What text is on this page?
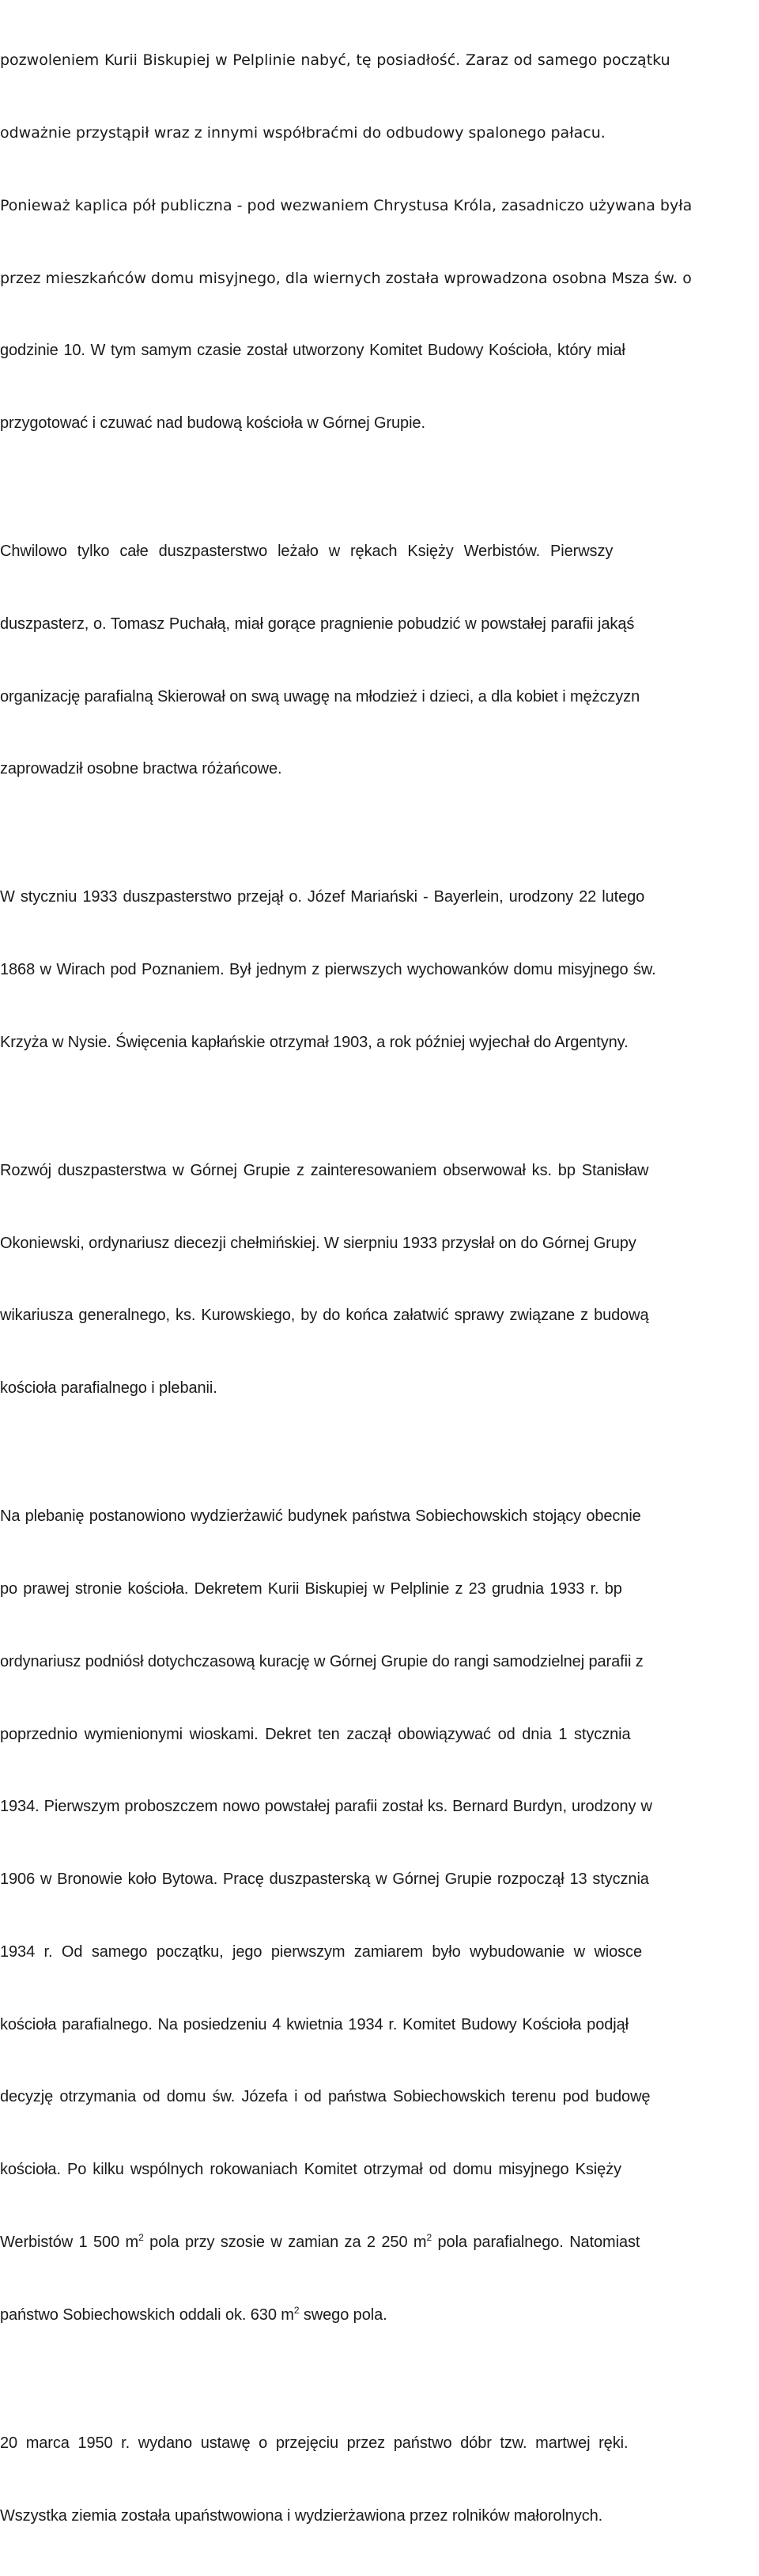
pozwoleniem Kurii Biskupiej w Pelplinie nabyć, tę posiadłość. Zaraz od samego początku

odważnie przystąpił wraz z innymi współbraćmi do odbudowy spalonego pałacu.

Ponieważ kaplica pół publiczna - pod wezwaniem Chrystusa Króla, zasadniczo używana była

przez mieszkańców domu misyjnego, dla wiernych została wprowadzona osobna Msza św. o

godzinie 10. W tym samym czasie został utworzony Komitet Budowy Kościoła, który miał

przygotować i czuwać nad budową kościoła w Górnej Grupie.

Chwilowo tylko całe duszpasterstwo leżało w rękach Księży Werbistów. Pierwszy

duszpasterz, o. Tomasz Puchałą, miał gorące pragnienie pobudzić w powstałej parafii jakąś

organizację parafialną Skierował on swą uwagę na młodzież i dzieci, a dla kobiet i mężczyzn

zaprowadził osobne bractwa różańcowe.

W styczniu 1933 duszpasterstwo przejął o. Józef Mariański - Bayerlein, urodzony 22 lutego

1868 w Wirach pod Poznaniem. Był jednym z pierwszych wychowanków domu misyjnego św.

Krzyża w Nysie. Święcenia kapłańskie otrzymał 1903, a rok później wyjechał do Argentyny.

Rozwój duszpasterstwa w Górnej Grupie z zainteresowaniem obserwował ks. bp Stanisław

Okoniewski, ordynariusz diecezji chełmińskiej. W sierpniu 1933 przysłał on do Górnej Grupy

wikariusza generalnego, ks. Kurowskiego, by do końca załatwić sprawy związane z budową

kościoła parafialnego i plebanii.

Na plebanię postanowiono wydzierżawić budynek państwa Sobiechowskich stojący obecnie

po prawej stronie kościoła. Dekretem Kurii Biskupiej w Pelplinie z 23 grudnia 1933 r. bp

ordynariusz podniósł dotychczasową kurację w Górnej Grupie do rangi samodzielnej parafii z

poprzednio wymienionymi wioskami. Dekret ten zaczął obowiązywać od dnia 1 stycznia

1934. Pierwszym proboszczem nowo powstałej parafii został ks. Bernard Burdyn, urodzony w

1906 w Bronowie koło Bytowa. Pracę duszpasterską w Górnej Grupie rozpoczął 13 stycznia

1934 r. Od samego początku, jego pierwszym zamiarem było wybudowanie w wiosce

kościoła parafialnego. Na posiedzeniu 4 kwietnia 1934 r. Komitet Budowy Kościoła podjął

decyzję otrzymania od domu św. Józefa i od państwa Sobiechowskich terenu pod budowę

kościoła. Po kilku wspólnych rokowaniach Komitet otrzymał od domu misyjnego Księży

Werbistów 1 500 $m^2$ pola przy szosie w zamian za 2 250 $m^2$ pola parafialnego. Natomiast

państwo Sobiechowskich oddali ok. 630 $m^2$ swego pola.

20 marca 1950 r. wydano ustawę o przejęciu przez państwo dóbr tzw. martwej ręki.

Wszystka ziemia została upaństwowiona i wydzierżawiona przez rolników małorolnych.
